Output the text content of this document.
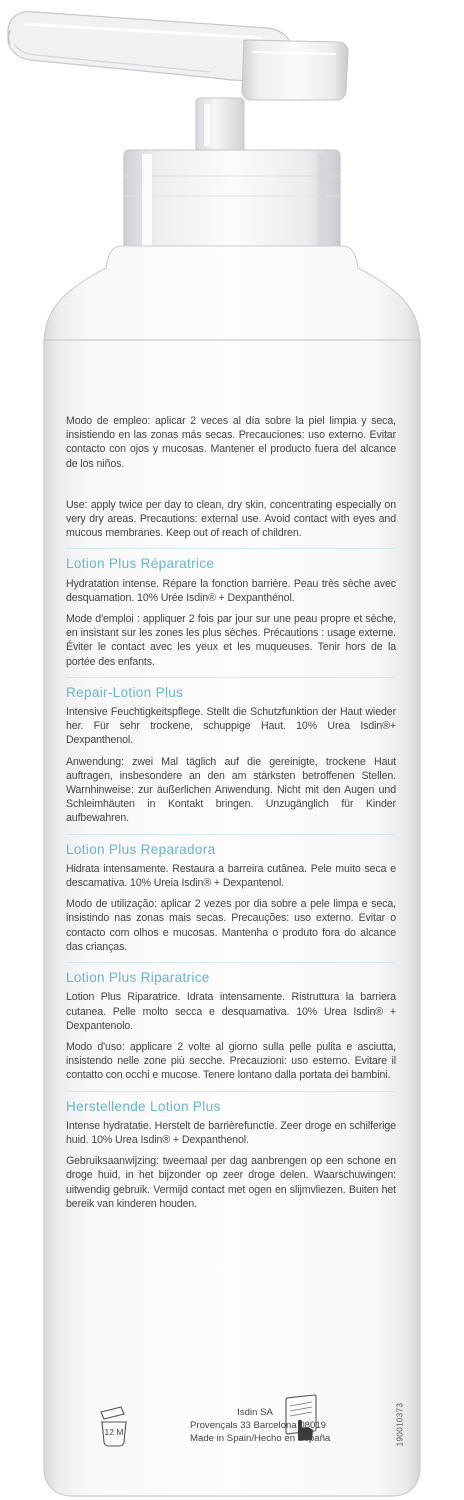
12 M
Modo de empleo: aplicar 2 veces al día sobre la piel limpia y seca, insistiendo en las zonas más secas. Precauciones: uso externo. Evitar contacto con ojos y mucosas. Mantener el producto fuera del alcance de los niños.
Use: apply twice per day to clean, dry skin, concentrating especially on very dry areas. Precautions: external use. Avoid contact with eyes and mucous membranes. Keep out of reach of children.
Lotion Plus Réparatrice
Hydratation intense. Répare la fonction barrière. Peau très sèche avec desquamation. 10% Urée Isdin® + Dexpanthénol.
Mode d'emploi : appliquer 2 fois par jour sur une peau propre et sèche, en insistant sur les zones les plus sèches. Précautions : usage externe. Éviter le contact avec les yeux et les muqueuses. Tenir hors de la portée des enfants.
Repair-Lotion Plus
Intensive Feuchtigkeitspflege. Stellt die Schutzfunktion der Haut wieder her. Für sehr trockene, schuppige Haut. 10% Urea Isdin®+ Dexpanthenol.
Anwendung: zwei Mal täglich auf die gereinigte, trockene Haut auftragen, insbesondere an den am stärksten betroffenen Stellen. Warnhinweise: zur äußerlichen Anwendung. Nicht mit den Augen und Schleimhäuten in Kontakt bringen. Unzugänglich für Kinder aufbewahren.
Lotion Plus Reparadora
Hidrata intensamente. Restaura a barreira cutânea. Pele muito seca e descamativa. 10% Ureia Isdin® + Dexpantenol.
Modo de utilização: aplicar 2 vezes por dia sobre a pele limpa e seca, insistindo nas zonas mais secas. Precauções: uso externo. Evitar o contacto com olhos e mucosas. Mantenha o produto fora do alcance das crianças.
Lotion Plus Riparatrice
Lotion Plus Riparatrice. Idrata intensamente. Ristruttura la barriera cutanea. Pelle molto secca e desquamativa. 10% Urea Isdin® + Dexpantenolo.
Modo d'uso: applicare 2 volte al giorno sulla pelle pulita e asciutta, insistendo nelle zone più secche. Precauzioni: uso esterno. Evitare il contatto con occhi e mucose. Tenere lontano dalla portata dei bambini.
Herstellende Lotion Plus
Intense hydratatie. Herstelt de barrièrefunctie. Zeer droge en schilferige huid. 10% Urea Isdin® + Dexpanthenol.
Gebruiksaanwijzing: tweemaal per dag aanbrengen op een schone en droge huid, in het bijzonder op zeer droge delen. Waarschuwingen: uitwendig gebruik. Vermijd contact met ogen en slijmvliezen. Buiten het bereik van kinderen houden.
Isdin SA
Provençals 33 Barcelona 08019
Made in Spain/Hecho en España	190010373
